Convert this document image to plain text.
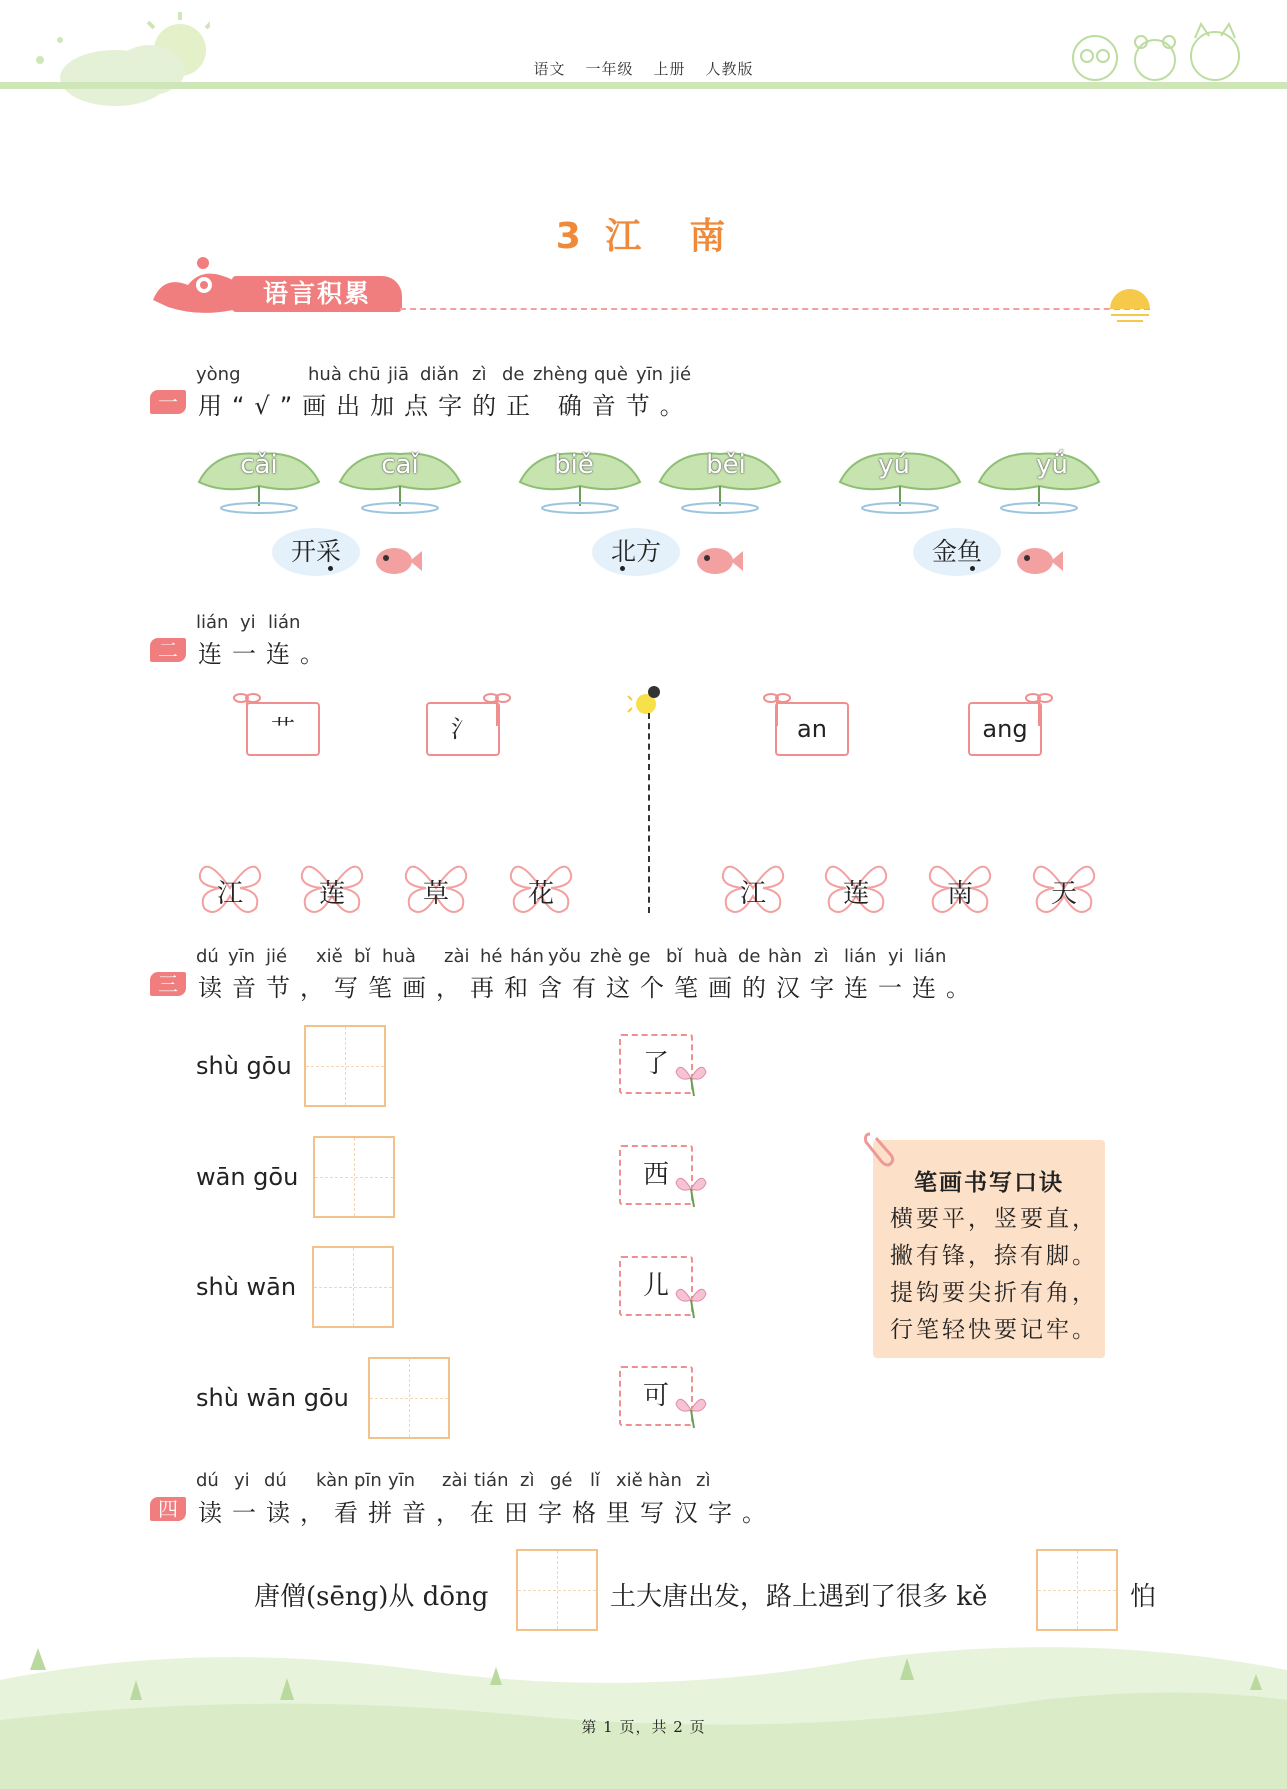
语文 一年级 上册 人教版
3 江　南
语言积累
yòng	huà chū jiā diǎn zì de zhèng què yīn jié
一 用“√”画出加点字的正 确音节。
cǎi	caǐ
开采
biě	běi
北方
yú	yǘ
金鱼
lián yi lián
二 连一连。
艹	氵	an	ang
江	莲	草	花	江	莲	南	天
dú yīn jié xiě bǐ huà zài hé hán yǒu zhè ge bǐ huà de hàn zì lián yi lián
三 读音节，写笔画，再和含有这个笔画的汉字连一连。
shù gōu
wān gōu
shù wān
shù wān gōu
了
西
儿
可
笔画书写口诀
横要平，竖要直，
撇有锋，捺有脚。
提钩要尖折有角，
行笔轻快要记牢。
dú yi dú kàn pīn yīn zài tián zì gé lǐ xiě hàn zì
四 读一读，看拼音，在田字格里写汉字。
唐僧(sēng)从 dōng	土大唐出发，路上遇到了很多 kě	怕
第 1 页，共 2 页
